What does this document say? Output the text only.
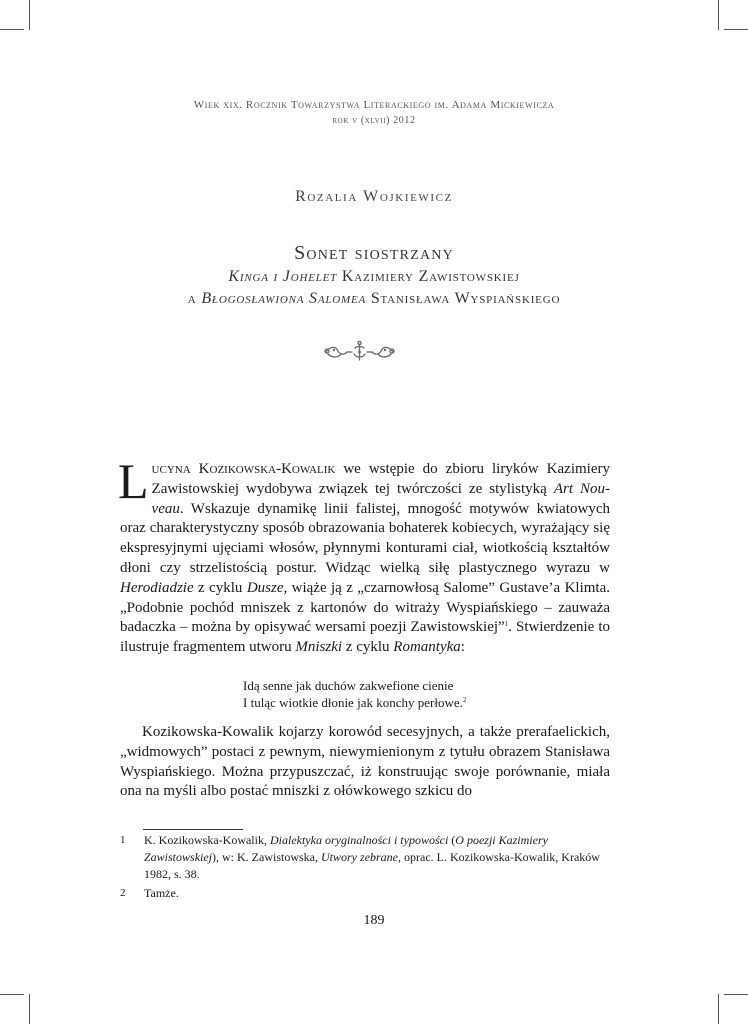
Wiek xix. Rocznik Towarzystwa Literackiego im. Adama Mickiewicza
rok v (xlvii) 2012
Rozalia Wojkiewicz
Sonet siostrzany
Kinga i Johelet Kazimiery Zawistowskiej
a Błogosławiona Salomea Stanisława Wyspiańskiego

Lucyna Kozikowska-Kowalik we wstępie do zbioru liryków Kazimiery Zawistowskiej wydobywa związek tej twórczości ze stylistyką Art Nouveau. Wskazuje dynamikę linii falistej, mnogość motywów kwiatowych oraz charakterystyczny sposób obrazowania bohaterek kobiecych, wyrażający się ekspresyjnymi ujęciami włosów, płynnymi konturami ciał, wiotkością kształtów dłoni czy strzelistością postur. Widząc wielką siłę plastycznego wyrazu w Herodiadzie z cyklu Dusze, wiąże ją z „czarnowłosą Salome” Gustave’a Klimta. „Podobnie pochód mniszek z kartonów do witraży Wyspiańskiego – zauważa badaczka – można by opisywać wersami poezji Zawistowskiej”$^1$. Stwierdzenie to ilustruje fragmentem utworu Mniszki z cyklu Romantyka:

Idą senne jak duchów zakwefione cienie
I tuląc wiotkie dłonie jak konchy perłowe.$^2$

Kozikowska-Kowalik kojarzy korowód secesyjnych, a także prerafaelickich, „widmowych” postaci z pewnym, niewymienionym z tytułu obrazem Stanisława Wyspiańskiego. Można przypuszczać, iż konstruując swoje porównanie, miała ona na myśli albo postać mniszki z ołówkowego szkicu do

1 K. Kozikowska-Kowalik, Dialektyka oryginalności i typowości (O poezji Kazimiery Zawistowskiej), w: K. Zawistowska, Utwory zebrane, oprac. L. Kozikowska-Kowalik, Kraków 1982, s. 38.
2 Tamże.
189
